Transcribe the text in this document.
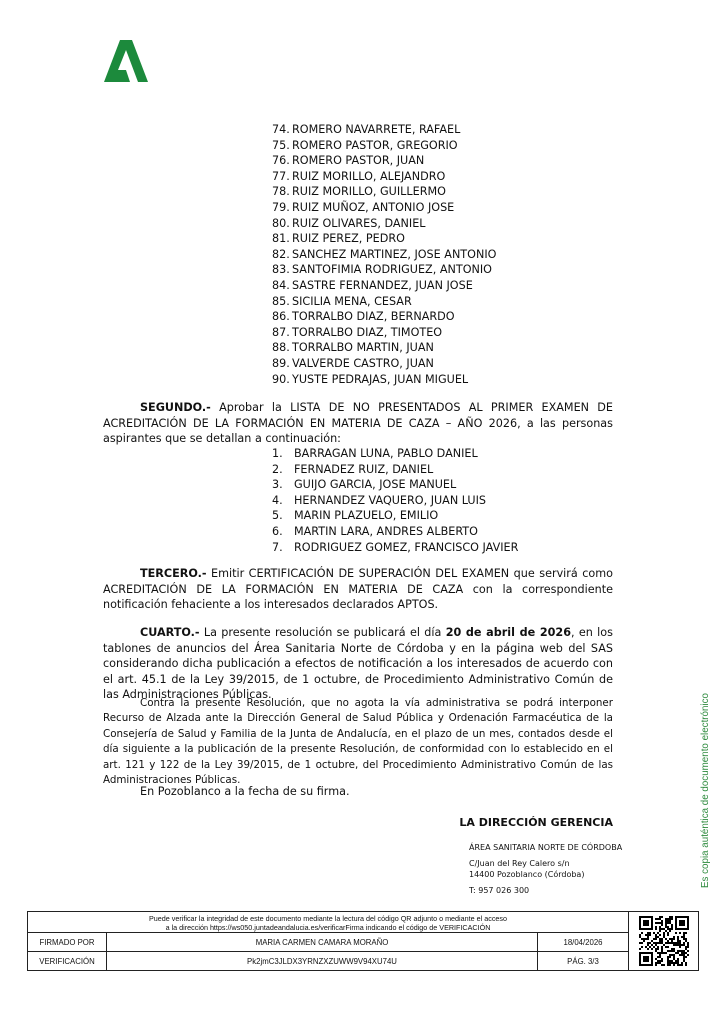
74. ROMERO NAVARRETE, RAFAEL
75. ROMERO PASTOR, GREGORIO
76. ROMERO PASTOR, JUAN
77. RUIZ MORILLO, ALEJANDRO
78. RUIZ MORILLO, GUILLERMO
79. RUIZ MUÑOZ, ANTONIO JOSE
80. RUIZ OLIVARES, DANIEL
81. RUIZ PEREZ, PEDRO
82. SANCHEZ MARTINEZ, JOSE ANTONIO
83. SANTOFIMIA RODRIGUEZ, ANTONIO
84. SASTRE FERNANDEZ, JUAN JOSE
85. SICILIA MENA, CESAR
86. TORRALBO DIAZ, BERNARDO
87. TORRALBO DIAZ, TIMOTEO
88. TORRALBO MARTIN, JUAN
89. VALVERDE CASTRO, JUAN
90. YUSTE PEDRAJAS, JUAN MIGUEL

SEGUNDO.- Aprobar la LISTA DE NO PRESENTADOS AL PRIMER EXAMEN DE ACREDITACIÓN DE LA FORMACIÓN EN MATERIA DE CAZA – AÑO 2026, a las personas aspirantes que se detallan a continuación:

1. BARRAGAN LUNA, PABLO DANIEL
2. FERNADEZ RUIZ, DANIEL
3. GUIJO GARCIA, JOSE MANUEL
4. HERNANDEZ VAQUERO, JUAN LUIS
5. MARIN PLAZUELO, EMILIO
6. MARTIN LARA, ANDRES ALBERTO
7. RODRIGUEZ GOMEZ, FRANCISCO JAVIER

TERCERO.- Emitir CERTIFICACIÓN DE SUPERACIÓN DEL EXAMEN que servirá como ACREDITACIÓN DE LA FORMACIÓN EN MATERIA DE CAZA con la correspondiente notificación fehaciente a los interesados declarados APTOS.

CUARTO.- La presente resolución se publicará el día 20 de abril de 2026, en los tablones de anuncios del Área Sanitaria Norte de Córdoba y en la página web del SAS considerando dicha publicación a efectos de notificación a los interesados de acuerdo con el art. 45.1 de la Ley 39/2015, de 1 octubre, de Procedimiento Administrativo Común de las Administraciones Públicas.

Contra la presente Resolución, que no agota la vía administrativa se podrá interponer Recurso de Alzada ante la Dirección General de Salud Pública y Ordenación Farmacéutica de la Consejería de Salud y Familia de la Junta de Andalucía, en el plazo de un mes, contados desde el día siguiente a la publicación de la presente Resolución, de conformidad con lo establecido en el art. 121 y 122 de la Ley 39/2015, de 1 octubre, del Procedimiento Administrativo Común de las Administraciones Públicas.

En Pozoblanco a la fecha de su firma.
LA DIRECCIÓN GERENCIA
ÁREA SANITARIA NORTE DE CÓRDOBA
C/Juan del Rey Calero s/n
14400 Pozoblanco (Córdoba)
T: 957 026 300
Es copia auténtica de documento electrónico
Puede verificar la integridad de este documento mediante la lectura del código QR adjunto o mediante el acceso
a la dirección https://ws050.juntadeandalucia.es/verificarFirma indicando el código de VERIFICACIÓN
FIRMADO POR	MARIA CARMEN CAMARA MORAÑO	18/04/2026
VERIFICACIÓN	Pk2jmC3JLDX3YRNZXZUWW9V94XU74U	PÁG. 3/3
